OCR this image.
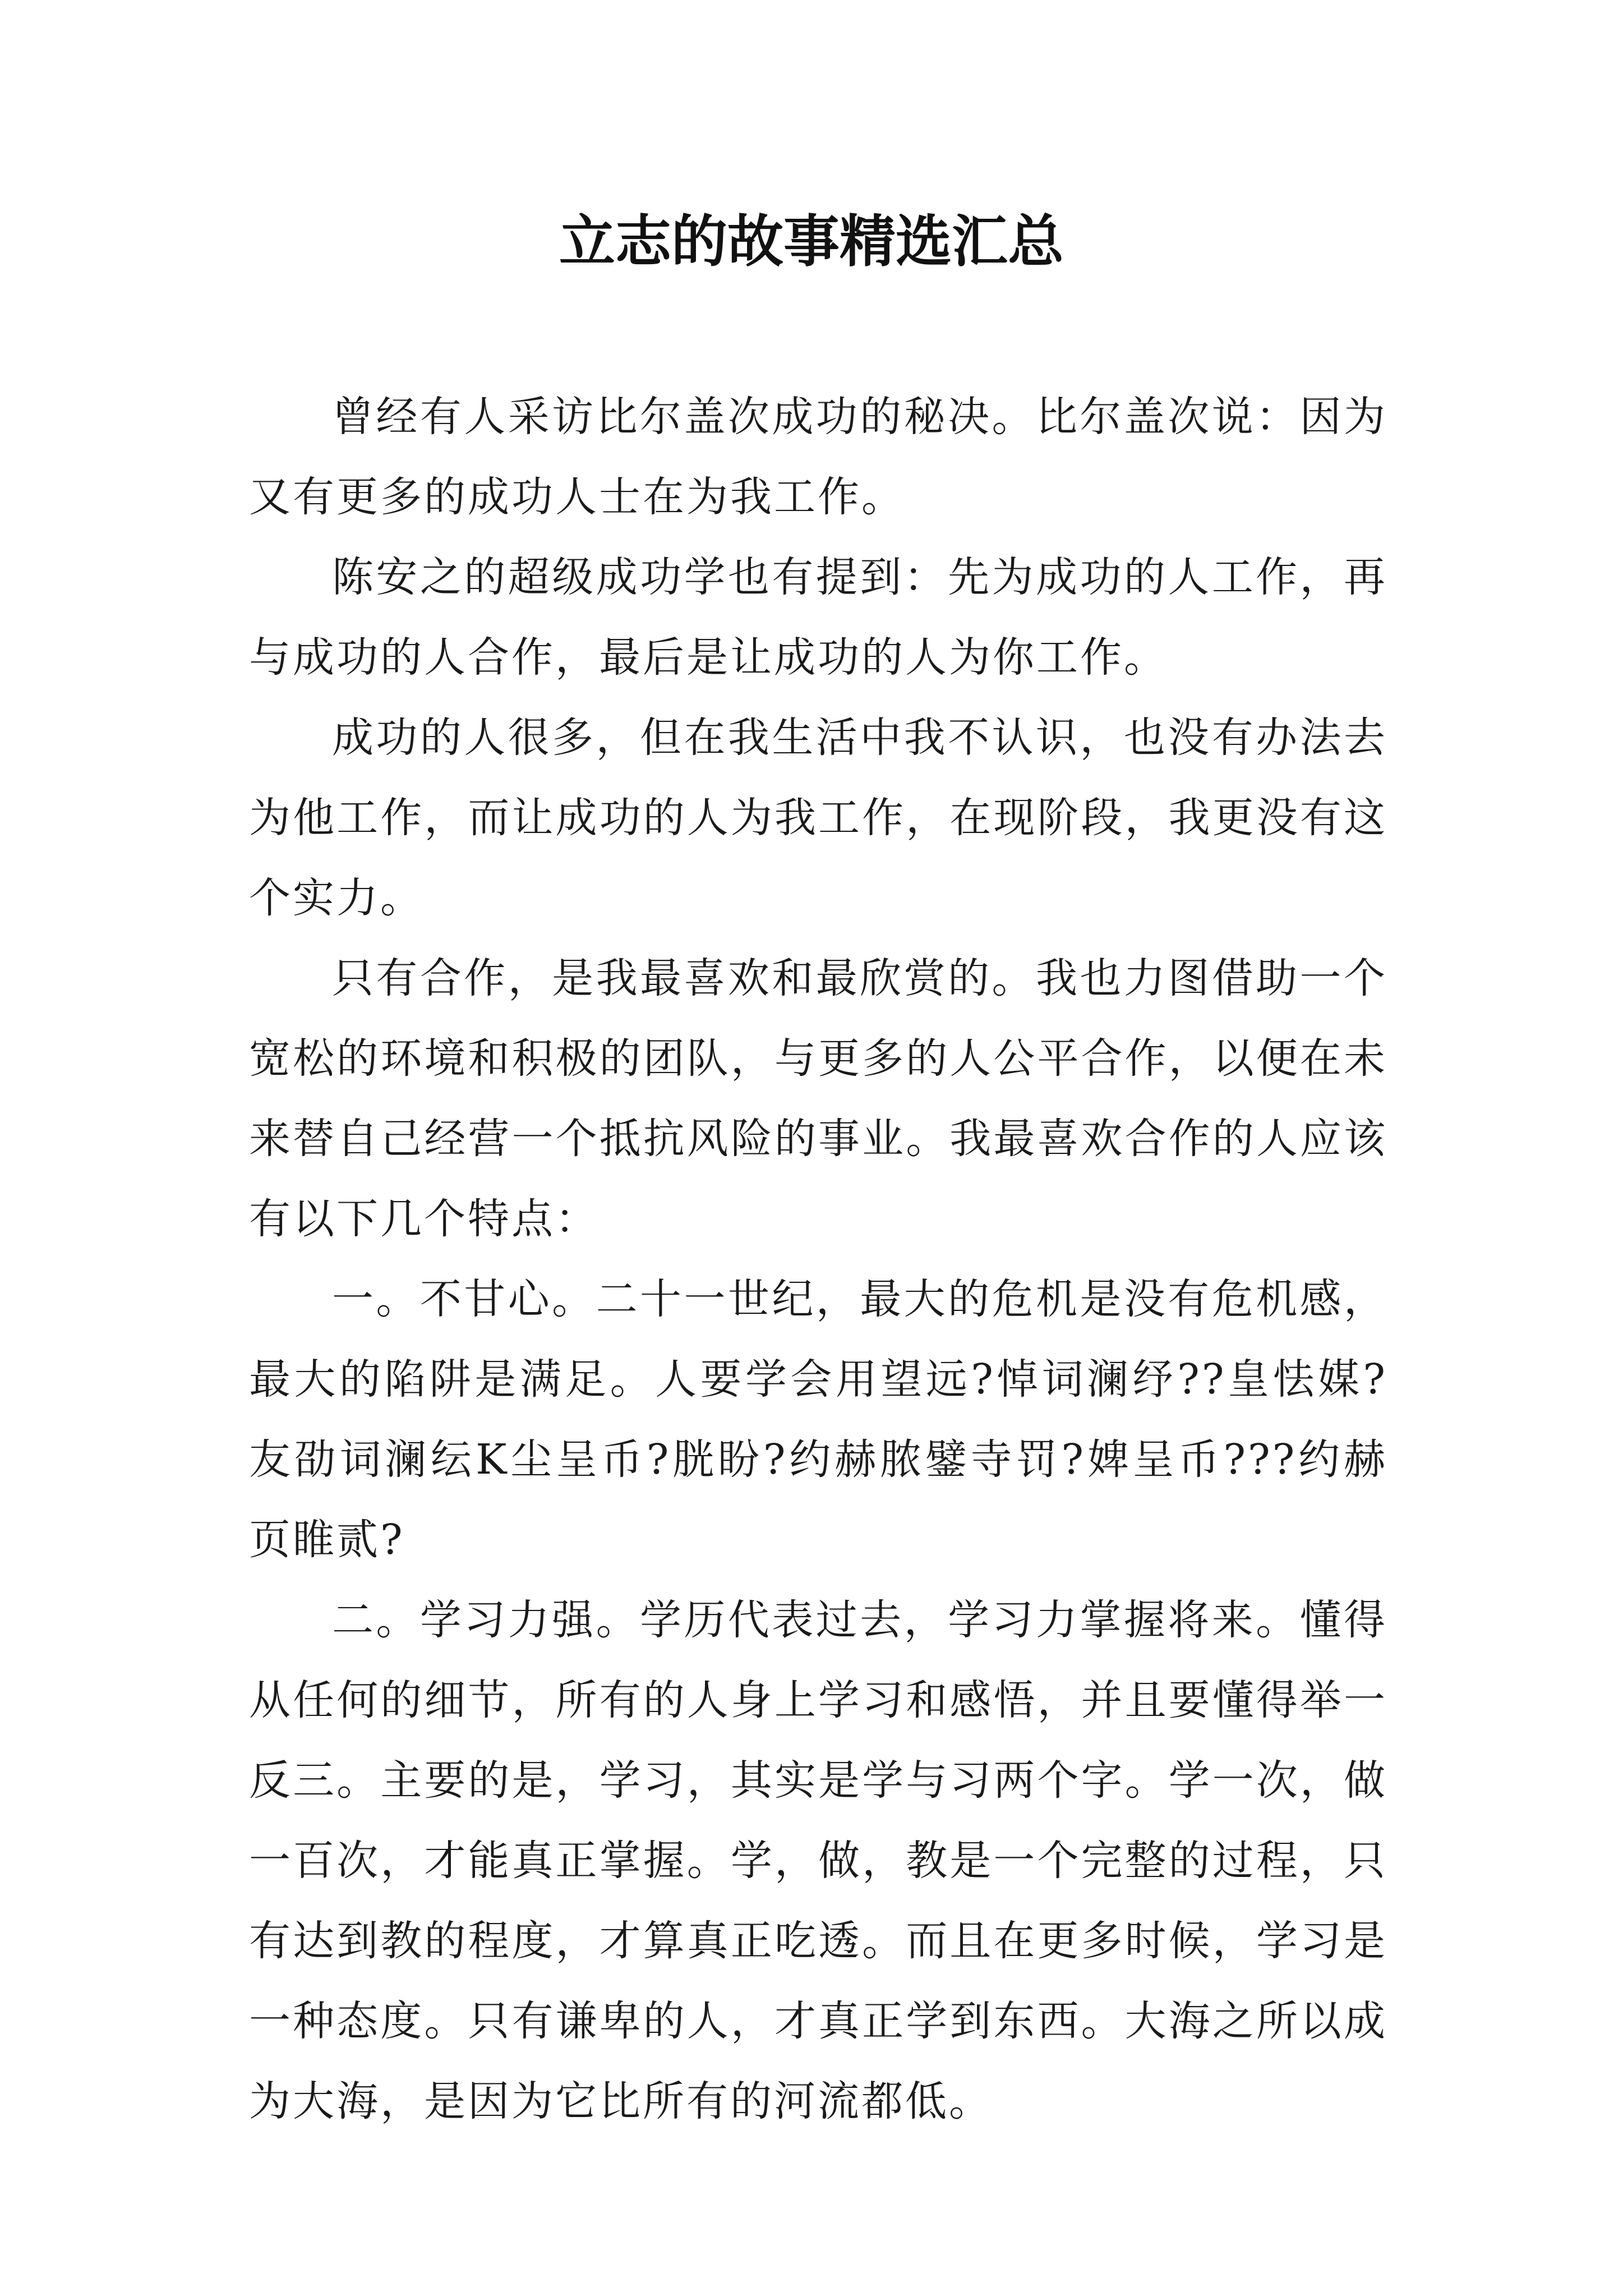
立志的故事精选汇总

曾经有人采访比尔盖次成功的秘决。比尔盖次说：因为又有更多的成功人士在为我工作。

陈安之的超级成功学也有提到：先为成功的人工作，再与成功的人合作，最后是让成功的人为你工作。

成功的人很多，但在我生活中我不认识，也没有办法去为他工作，而让成功的人为我工作，在现阶段，我更没有这个实力。

只有合作，是我最喜欢和最欣赏的。我也力图借助一个宽松的环境和积极的团队，与更多的人公平合作，以便在未来替自己经营一个抵抗风险的事业。我最喜欢合作的人应该有以下几个特点：

一。不甘心。二十一世纪，最大的危机是没有危机感，最大的陷阱是满足。人要学会用望远?悼词澜纾??皇怯媒?友劭词澜纭K尘呈币?胱盼?约赫脓鐾寺罚?婢呈币???约赫页睢贰?

二。学习力强。学历代表过去，学习力掌握将来。懂得从任何的细节，所有的人身上学习和感悟，并且要懂得举一反三。主要的是，学习，其实是学与习两个字。学一次，做一百次，才能真正掌握。学，做，教是一个完整的过程，只有达到教的程度，才算真正吃透。而且在更多时候，学习是一种态度。只有谦卑的人，才真正学到东西。大海之所以成为大海，是因为它比所有的河流都低。
